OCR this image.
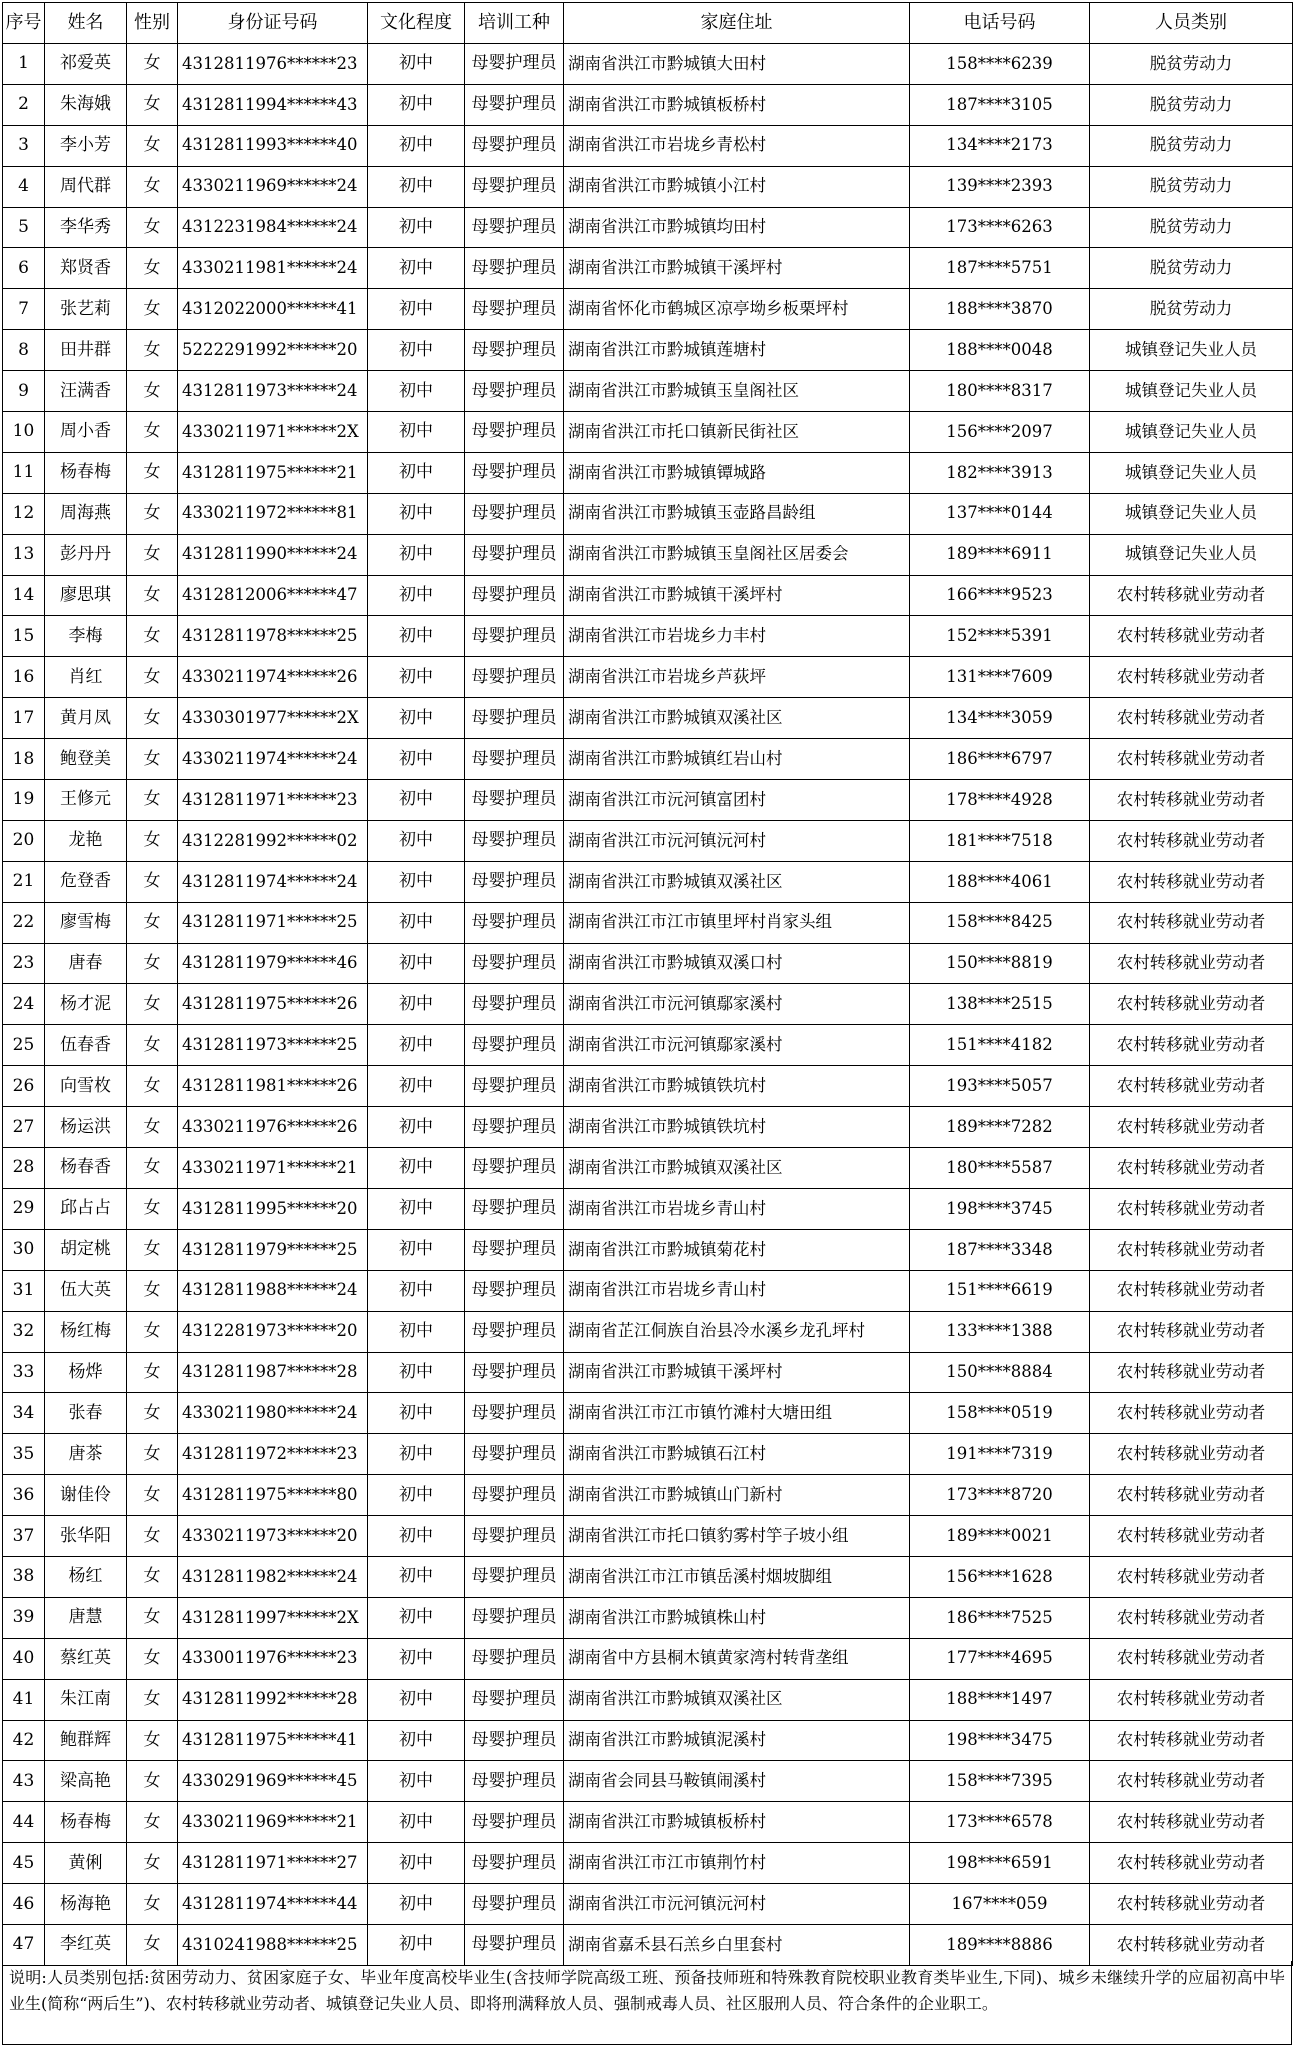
序号	姓名	性别	身份证号码	文化程度	培训工种	家庭住址	电话号码	人员类别
1	祁爱英	女	4312811976******23	初中	母婴护理员	湖南省洪江市黔城镇大田村	158****6239	脱贫劳动力
2	朱海娥	女	4312811994******43	初中	母婴护理员	湖南省洪江市黔城镇板桥村	187****3105	脱贫劳动力
3	李小芳	女	4312811993******40	初中	母婴护理员	湖南省洪江市岩垅乡青松村	134****2173	脱贫劳动力
4	周代群	女	4330211969******24	初中	母婴护理员	湖南省洪江市黔城镇小江村	139****2393	脱贫劳动力
5	李华秀	女	4312231984******24	初中	母婴护理员	湖南省洪江市黔城镇均田村	173****6263	脱贫劳动力
6	郑贤香	女	4330211981******24	初中	母婴护理员	湖南省洪江市黔城镇干溪坪村	187****5751	脱贫劳动力
7	张艺莉	女	4312022000******41	初中	母婴护理员	湖南省怀化市鹤城区凉亭坳乡板栗坪村	188****3870	脱贫劳动力
8	田井群	女	5222291992******20	初中	母婴护理员	湖南省洪江市黔城镇莲塘村	188****0048	城镇登记失业人员
9	汪满香	女	4312811973******24	初中	母婴护理员	湖南省洪江市黔城镇玉皇阁社区	180****8317	城镇登记失业人员
10	周小香	女	4330211971******2X	初中	母婴护理员	湖南省洪江市托口镇新民街社区	156****2097	城镇登记失业人员
11	杨春梅	女	4312811975******21	初中	母婴护理员	湖南省洪江市黔城镇镡城路	182****3913	城镇登记失业人员
12	周海燕	女	4330211972******81	初中	母婴护理员	湖南省洪江市黔城镇玉壶路昌龄组	137****0144	城镇登记失业人员
13	彭丹丹	女	4312811990******24	初中	母婴护理员	湖南省洪江市黔城镇玉皇阁社区居委会	189****6911	城镇登记失业人员
14	廖思琪	女	4312812006******47	初中	母婴护理员	湖南省洪江市黔城镇干溪坪村	166****9523	农村转移就业劳动者
15	李梅	女	4312811978******25	初中	母婴护理员	湖南省洪江市岩垅乡力丰村	152****5391	农村转移就业劳动者
16	肖红	女	4330211974******26	初中	母婴护理员	湖南省洪江市岩垅乡芦荻坪	131****7609	农村转移就业劳动者
17	黄月凤	女	4330301977******2X	初中	母婴护理员	湖南省洪江市黔城镇双溪社区	134****3059	农村转移就业劳动者
18	鲍登美	女	4330211974******24	初中	母婴护理员	湖南省洪江市黔城镇红岩山村	186****6797	农村转移就业劳动者
19	王修元	女	4312811971******23	初中	母婴护理员	湖南省洪江市沅河镇富团村	178****4928	农村转移就业劳动者
20	龙艳	女	4312281992******02	初中	母婴护理员	湖南省洪江市沅河镇沅河村	181****7518	农村转移就业劳动者
21	危登香	女	4312811974******24	初中	母婴护理员	湖南省洪江市黔城镇双溪社区	188****4061	农村转移就业劳动者
22	廖雪梅	女	4312811971******25	初中	母婴护理员	湖南省洪江市江市镇里坪村肖家头组	158****8425	农村转移就业劳动者
23	唐春	女	4312811979******46	初中	母婴护理员	湖南省洪江市黔城镇双溪口村	150****8819	农村转移就业劳动者
24	杨才泥	女	4312811975******26	初中	母婴护理员	湖南省洪江市沅河镇鄢家溪村	138****2515	农村转移就业劳动者
25	伍春香	女	4312811973******25	初中	母婴护理员	湖南省洪江市沅河镇鄢家溪村	151****4182	农村转移就业劳动者
26	向雪枚	女	4312811981******26	初中	母婴护理员	湖南省洪江市黔城镇铁坑村	193****5057	农村转移就业劳动者
27	杨运洪	女	4330211976******26	初中	母婴护理员	湖南省洪江市黔城镇铁坑村	189****7282	农村转移就业劳动者
28	杨春香	女	4330211971******21	初中	母婴护理员	湖南省洪江市黔城镇双溪社区	180****5587	农村转移就业劳动者
29	邱占占	女	4312811995******20	初中	母婴护理员	湖南省洪江市岩垅乡青山村	198****3745	农村转移就业劳动者
30	胡定桃	女	4312811979******25	初中	母婴护理员	湖南省洪江市黔城镇菊花村	187****3348	农村转移就业劳动者
31	伍大英	女	4312811988******24	初中	母婴护理员	湖南省洪江市岩垅乡青山村	151****6619	农村转移就业劳动者
32	杨红梅	女	4312281973******20	初中	母婴护理员	湖南省芷江侗族自治县冷水溪乡龙孔坪村	133****1388	农村转移就业劳动者
33	杨烨	女	4312811987******28	初中	母婴护理员	湖南省洪江市黔城镇干溪坪村	150****8884	农村转移就业劳动者
34	张春	女	4330211980******24	初中	母婴护理员	湖南省洪江市江市镇竹滩村大塘田组	158****0519	农村转移就业劳动者
35	唐茶	女	4312811972******23	初中	母婴护理员	湖南省洪江市黔城镇石江村	191****7319	农村转移就业劳动者
36	谢佳伶	女	4312811975******80	初中	母婴护理员	湖南省洪江市黔城镇山门新村	173****8720	农村转移就业劳动者
37	张华阳	女	4330211973******20	初中	母婴护理员	湖南省洪江市托口镇豹雾村竽子坡小组	189****0021	农村转移就业劳动者
38	杨红	女	4312811982******24	初中	母婴护理员	湖南省洪江市江市镇岳溪村烟坡脚组	156****1628	农村转移就业劳动者
39	唐慧	女	4312811997******2X	初中	母婴护理员	湖南省洪江市黔城镇株山村	186****7525	农村转移就业劳动者
40	蔡红英	女	4330011976******23	初中	母婴护理员	湖南省中方县桐木镇黄家湾村转背垄组	177****4695	农村转移就业劳动者
41	朱江南	女	4312811992******28	初中	母婴护理员	湖南省洪江市黔城镇双溪社区	188****1497	农村转移就业劳动者
42	鲍群辉	女	4312811975******41	初中	母婴护理员	湖南省洪江市黔城镇泥溪村	198****3475	农村转移就业劳动者
43	梁高艳	女	4330291969******45	初中	母婴护理员	湖南省会同县马鞍镇闹溪村	158****7395	农村转移就业劳动者
44	杨春梅	女	4330211969******21	初中	母婴护理员	湖南省洪江市黔城镇板桥村	173****6578	农村转移就业劳动者
45	黄俐	女	4312811971******27	初中	母婴护理员	湖南省洪江市江市镇荆竹村	198****6591	农村转移就业劳动者
46	杨海艳	女	4312811974******44	初中	母婴护理员	湖南省洪江市沅河镇沅河村	167****059	农村转移就业劳动者
47	李红英	女	4310241988******25	初中	母婴护理员	湖南省嘉禾县石羔乡白里套村	189****8886	农村转移就业劳动者
说明:人员类别包括:贫困劳动力、贫困家庭子女、毕业年度高校毕业生(含技师学院高级工班、预备技师班和特殊教育院校职业教育类毕业生,下同)、城乡未继续升学的应届初高中毕业生(简称“两后生”)、农村转移就业劳动者、城镇登记失业人员、即将刑满释放人员、强制戒毒人员、社区服刑人员、符合条件的企业职工。
